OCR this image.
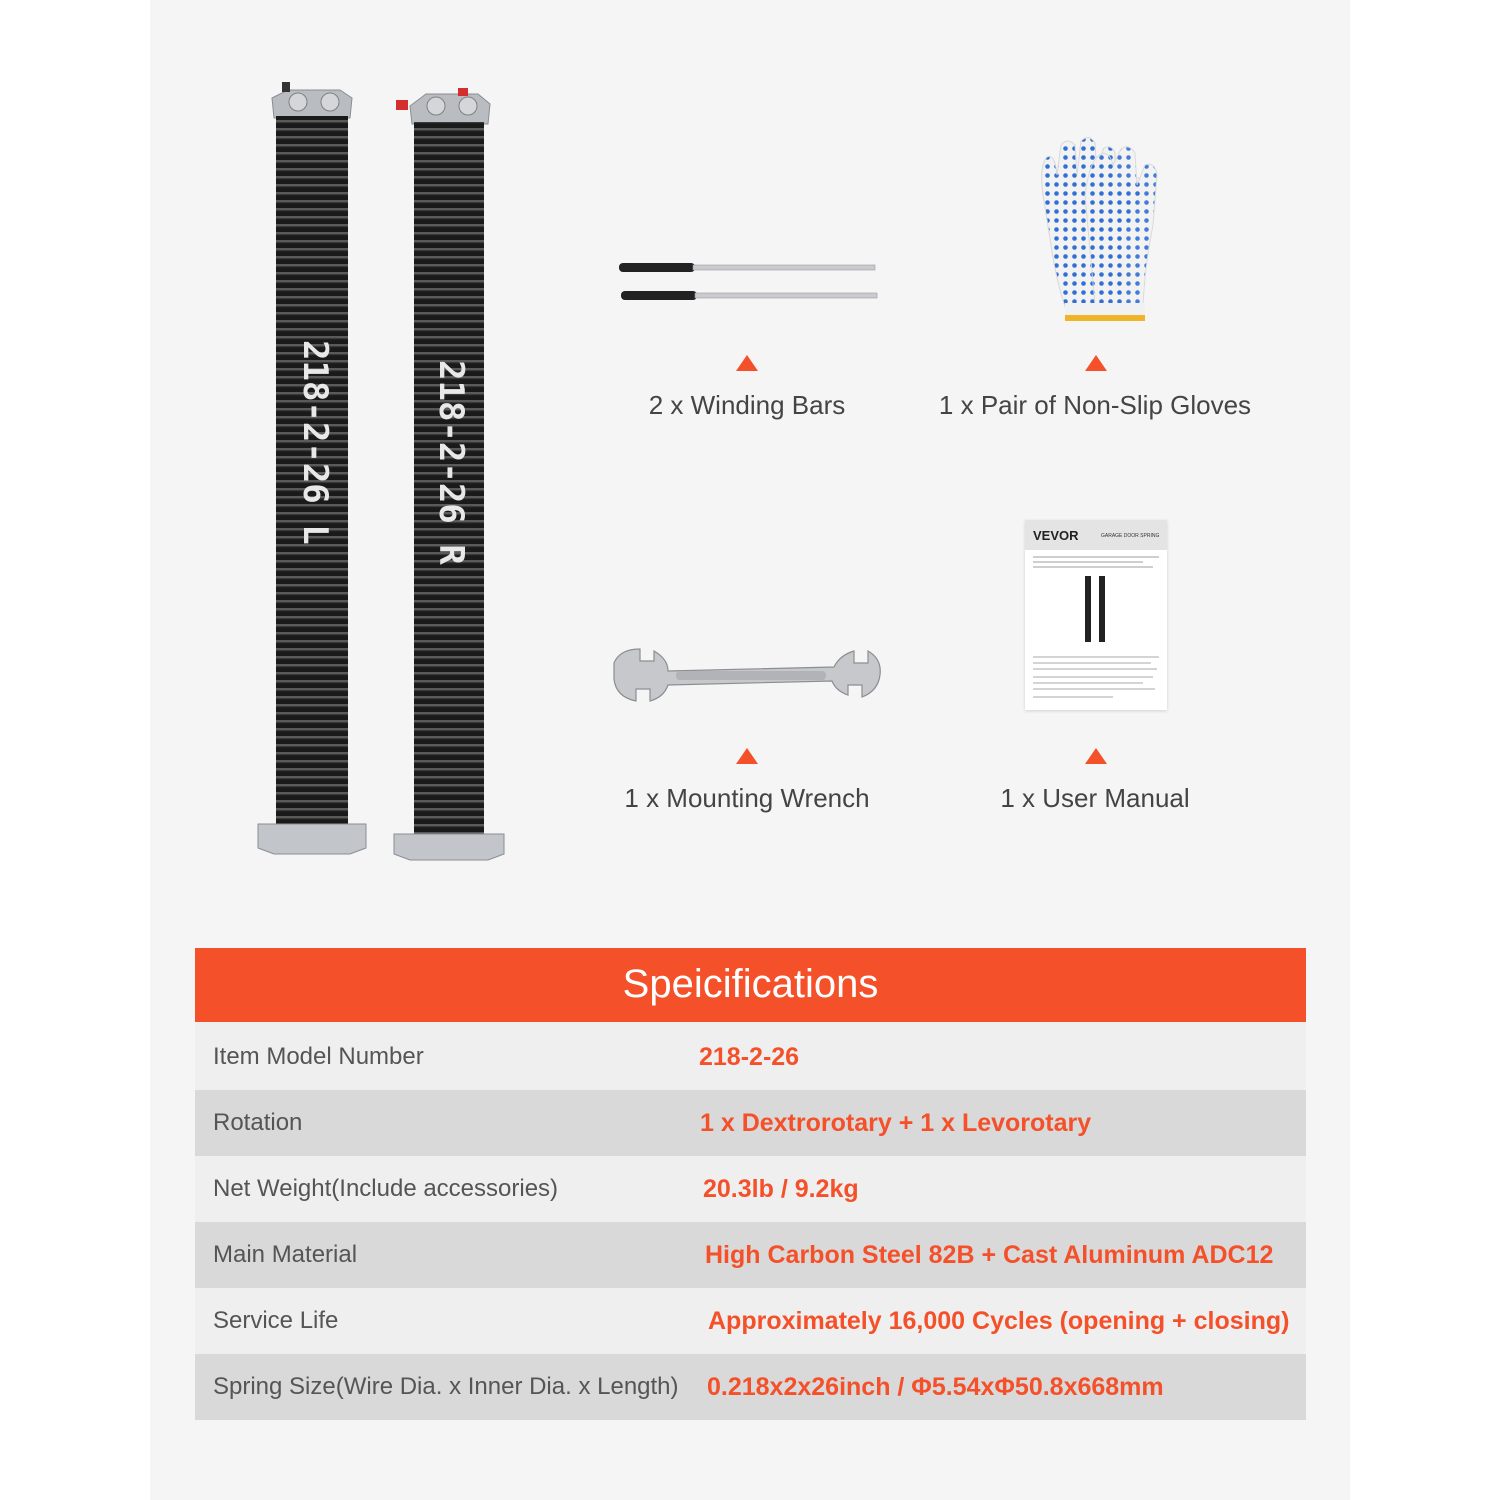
218-2-26 L	218-2-26 R	2 x Winding Bars	1 x Pair of Non-Slip Gloves
1 x Mounting Wrench
VEVOR	GARAGE DOOR SPRING
1 x User Manual
Speicifications
Item Model Number	218-2-26
Rotation	1 x Dextrorotary + 1 x Levorotary
Net Weight(Include accessories)	20.3lb / 9.2kg
Main Material	High Carbon Steel 82B + Cast Aluminum ADC12
Service Life	Approximately 16,000 Cycles (opening + closing)
Spring Size(Wire Dia. x Inner Dia. x Length) 0.218x2x26inch / Φ5.54xΦ50.8x668mm
